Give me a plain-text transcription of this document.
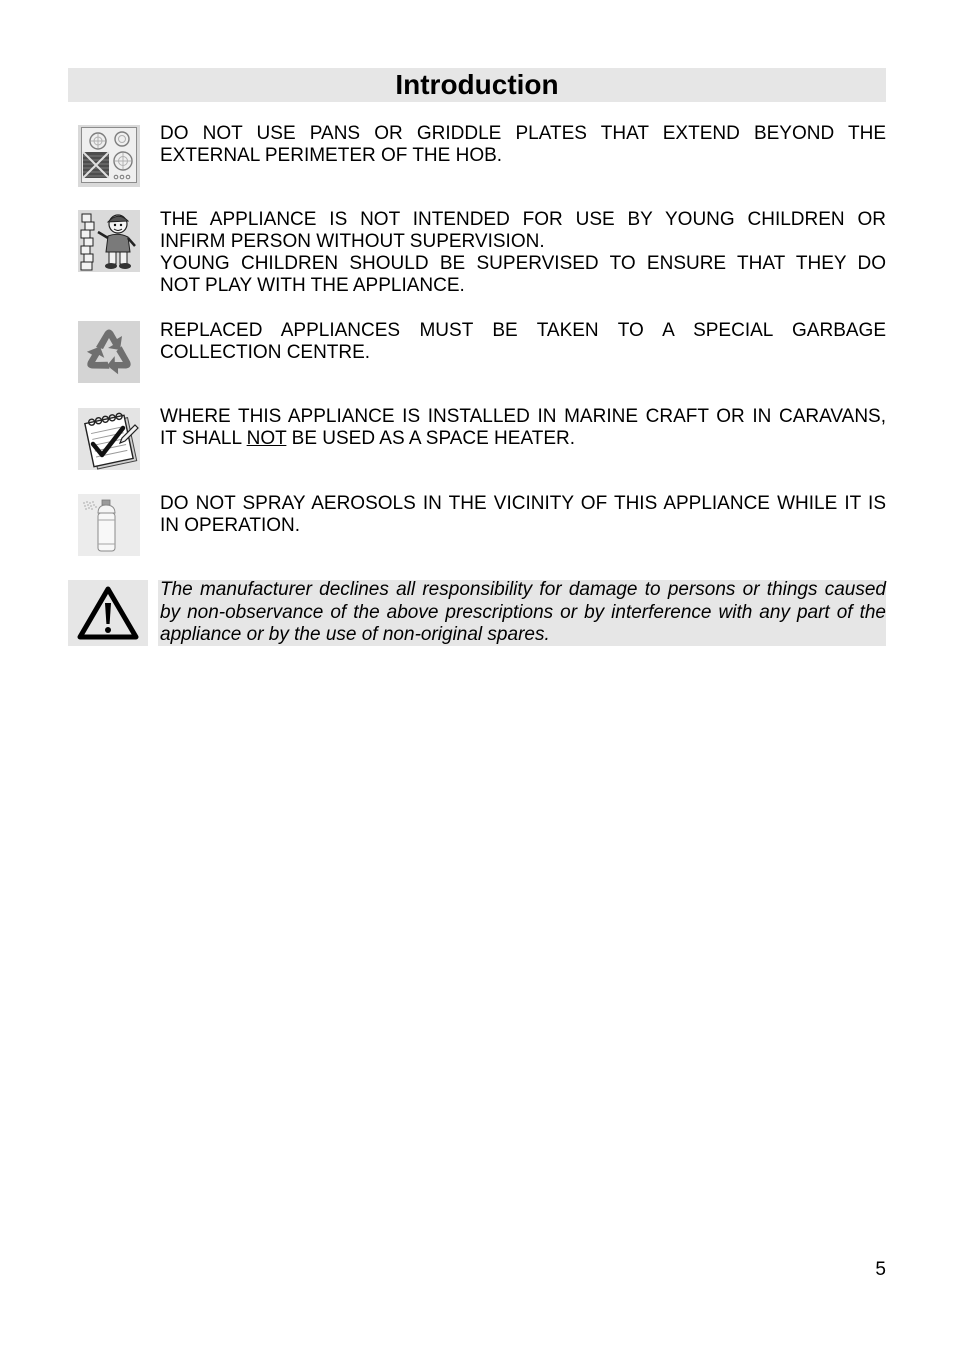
Introduction
DO NOT USE PANS OR GRIDDLE PLATES THAT EXTEND BEYOND THE
EXTERNAL PERIMETER OF THE HOB.
THE APPLIANCE IS NOT INTENDED FOR USE BY YOUNG CHILDREN OR
INFIRM PERSON WITHOUT SUPERVISION.
YOUNG CHILDREN SHOULD BE SUPERVISED TO ENSURE THAT THEY DO
NOT PLAY WITH THE APPLIANCE.
REPLACED APPLIANCES MUST BE TAKEN TO A SPECIAL GARBAGE
COLLECTION CENTRE.
WHERE THIS APPLIANCE IS INSTALLED IN MARINE CRAFT OR IN CARAVANS,
IT SHALL NOT BE USED AS A SPACE HEATER.
DO NOT SPRAY AEROSOLS IN THE VICINITY OF THIS APPLIANCE WHILE IT IS
IN OPERATION.
The manufacturer declines all responsibility for damage to persons or things caused
by non-observance of the above prescriptions or by interference with any part of the
appliance or by the use of non-original spares.
5
